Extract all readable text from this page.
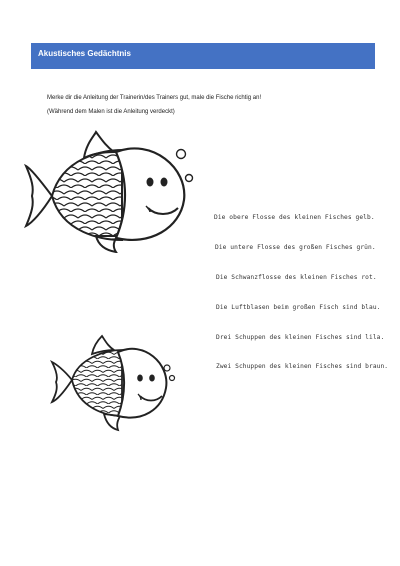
Akustisches Gedächtnis
Merke dir die Anleitung der Trainerin/des Trainers gut, male die Fische richtig an!
(Während dem Malen ist die Anleitung verdeckt)
Die obere Flosse des kleinen Fisches gelb.
Die untere Flosse des großen Fisches grün.
Die Schwanzflosse des kleinen Fisches rot.
Die Luftblasen beim großen Fisch sind blau.
Drei Schuppen des kleinen Fisches sind lila.
Zwei Schuppen des kleinen Fisches sind braun.
